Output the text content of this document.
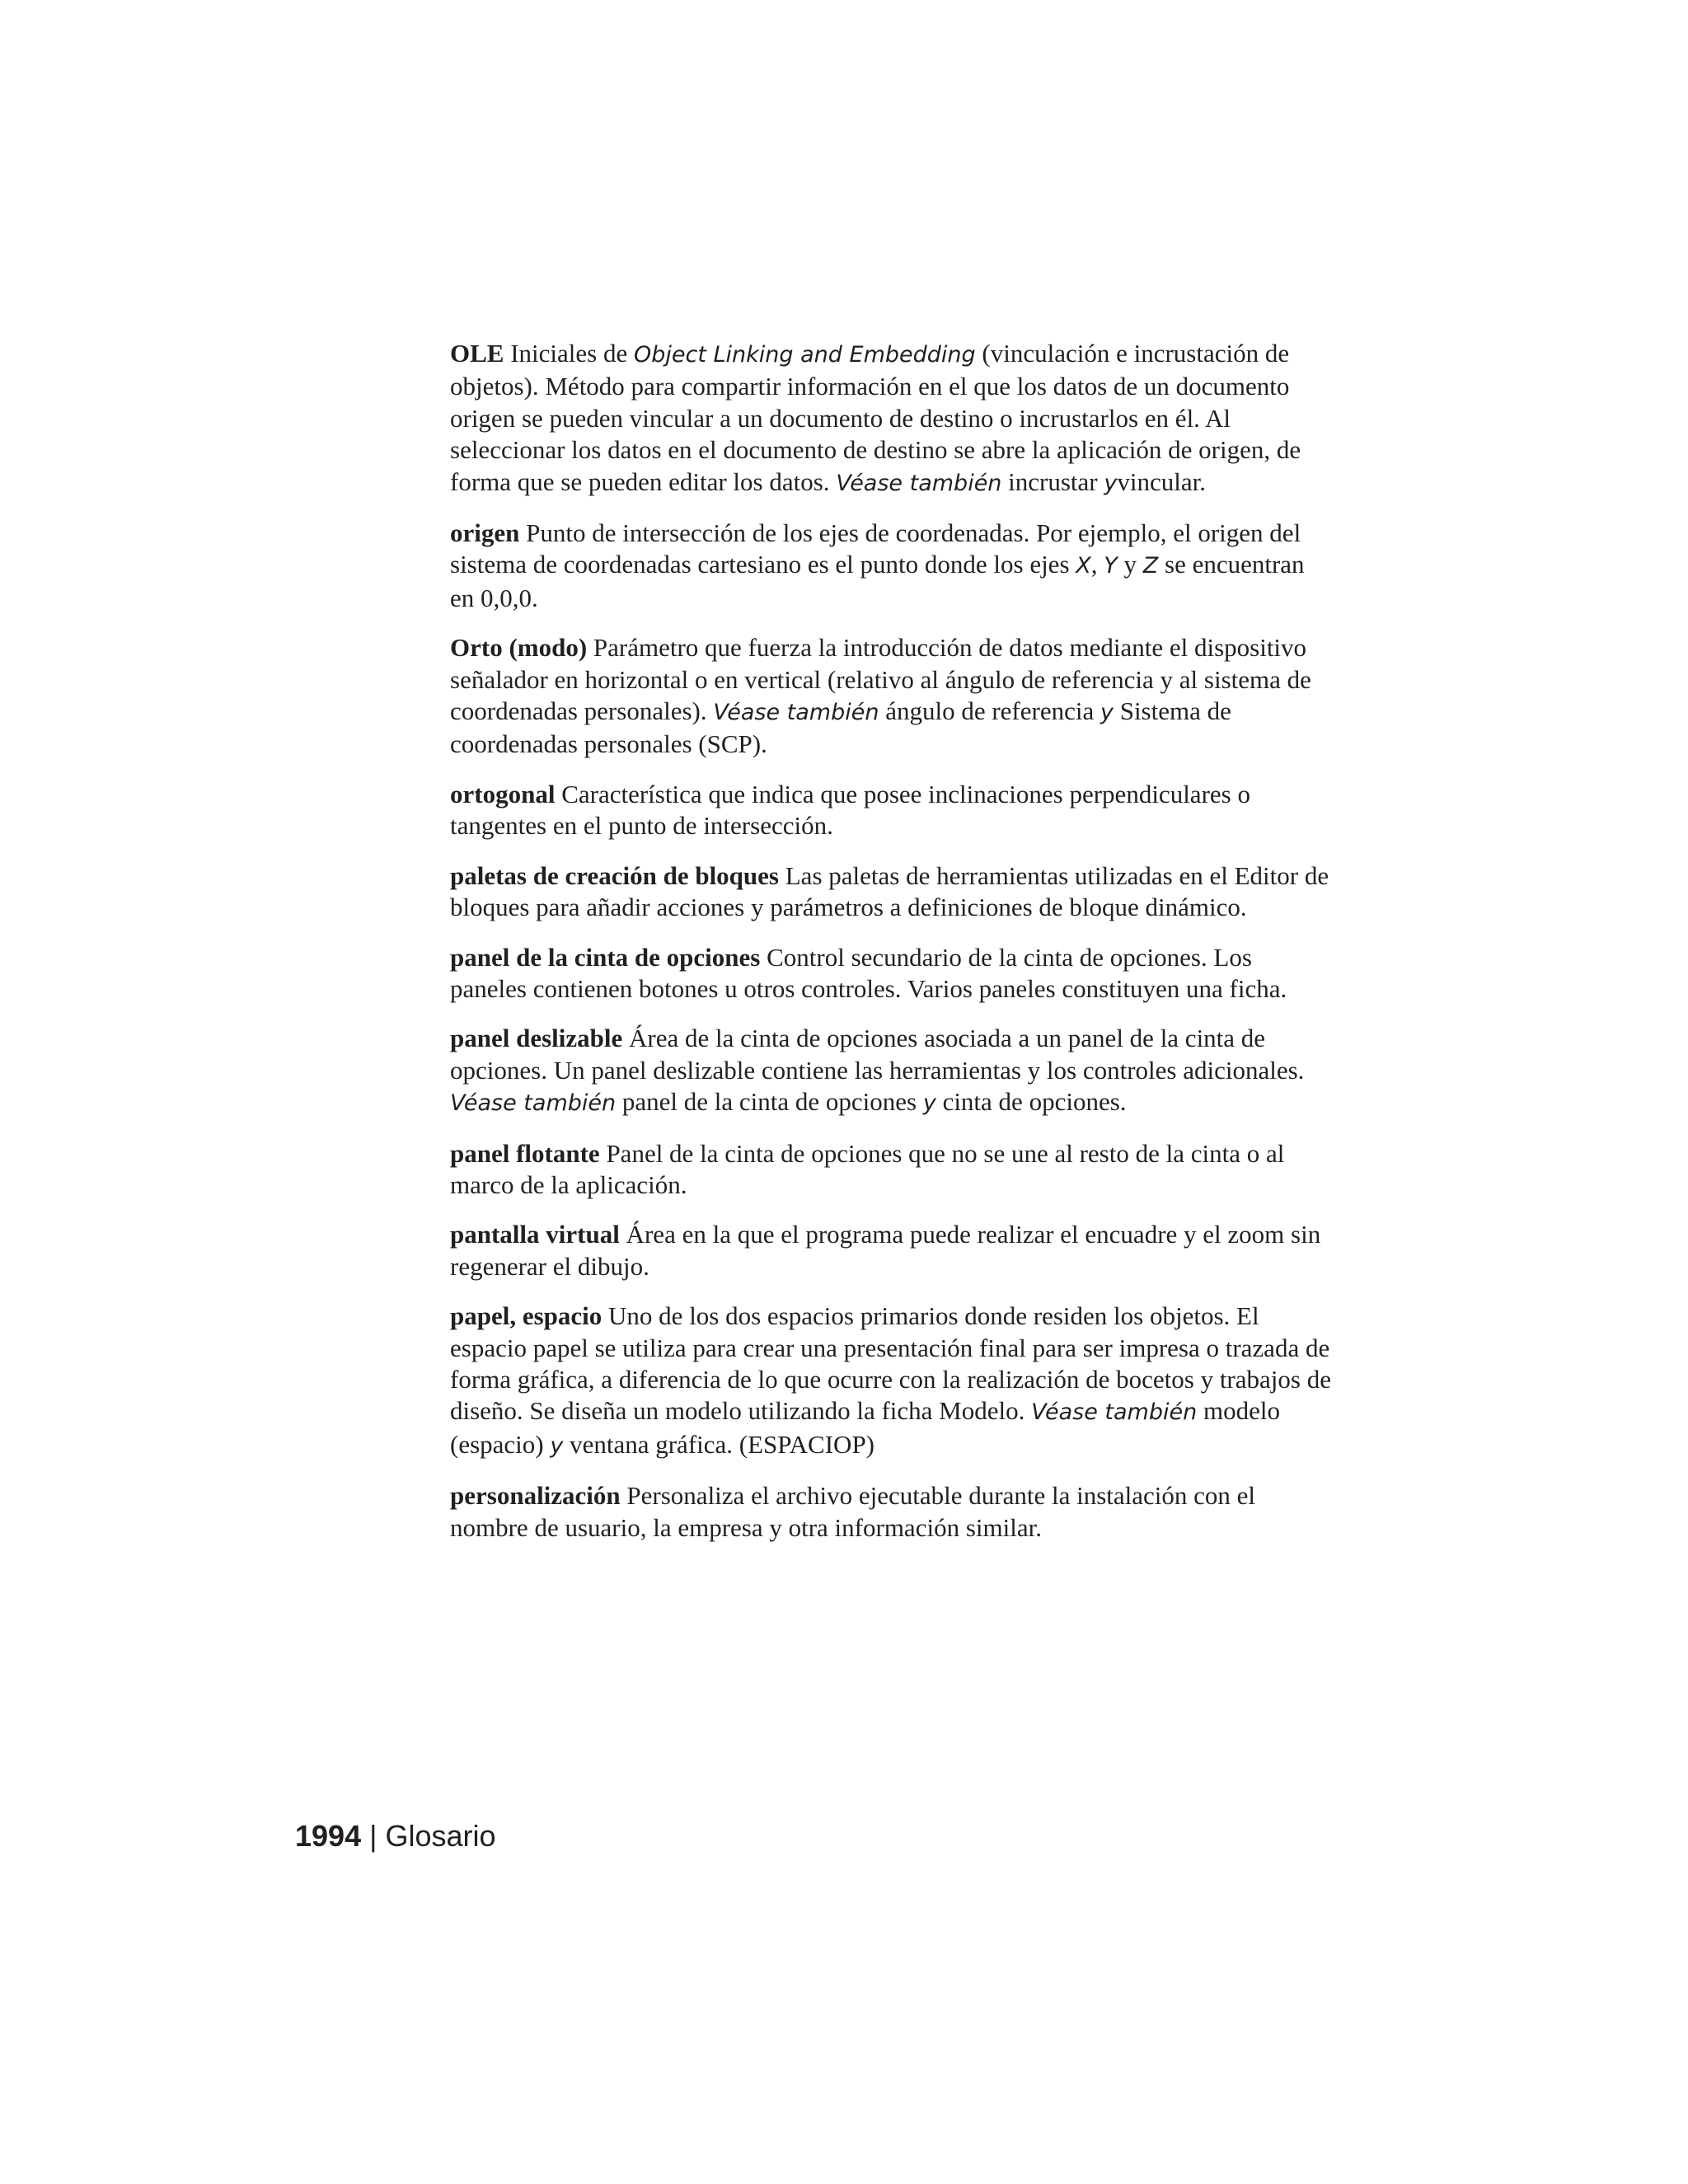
OLE Iniciales de Object Linking and Embedding (vinculación e incrustación de objetos). Método para compartir información en el que los datos de un documento origen se pueden vincular a un documento de destino o incrustarlos en él. Al seleccionar los datos en el documento de destino se abre la aplicación de origen, de forma que se pueden editar los datos. Véase también incrustar yvincular.

origen Punto de intersección de los ejes de coordenadas. Por ejemplo, el origen del sistema de coordenadas cartesiano es el punto donde los ejes X, Y y Z se encuentran en 0,0,0.

Orto (modo) Parámetro que fuerza la introducción de datos mediante el dispositivo señalador en horizontal o en vertical (relativo al ángulo de referencia y al sistema de coordenadas personales). Véase también ángulo de referencia y Sistema de coordenadas personales (SCP).

ortogonal Característica que indica que posee inclinaciones perpendiculares o tangentes en el punto de intersección.

paletas de creación de bloques Las paletas de herramientas utilizadas en el Editor de bloques para añadir acciones y parámetros a definiciones de bloque dinámico.

panel de la cinta de opciones Control secundario de la cinta de opciones. Los paneles contienen botones u otros controles. Varios paneles constituyen una ficha.

panel deslizable Área de la cinta de opciones asociada a un panel de la cinta de opciones. Un panel deslizable contiene las herramientas y los controles adicionales. Véase también panel de la cinta de opciones y cinta de opciones.

panel flotante Panel de la cinta de opciones que no se une al resto de la cinta o al marco de la aplicación.

pantalla virtual Área en la que el programa puede realizar el encuadre y el zoom sin regenerar el dibujo.

papel, espacio Uno de los dos espacios primarios donde residen los objetos. El espacio papel se utiliza para crear una presentación final para ser impresa o trazada de forma gráfica, a diferencia de lo que ocurre con la realización de bocetos y trabajos de diseño. Se diseña un modelo utilizando la ficha Modelo. Véase también modelo (espacio) y ventana gráfica. (ESPACIOP)

personalización Personaliza el archivo ejecutable durante la instalación con el nombre de usuario, la empresa y otra información similar.

1994 | Glosario
